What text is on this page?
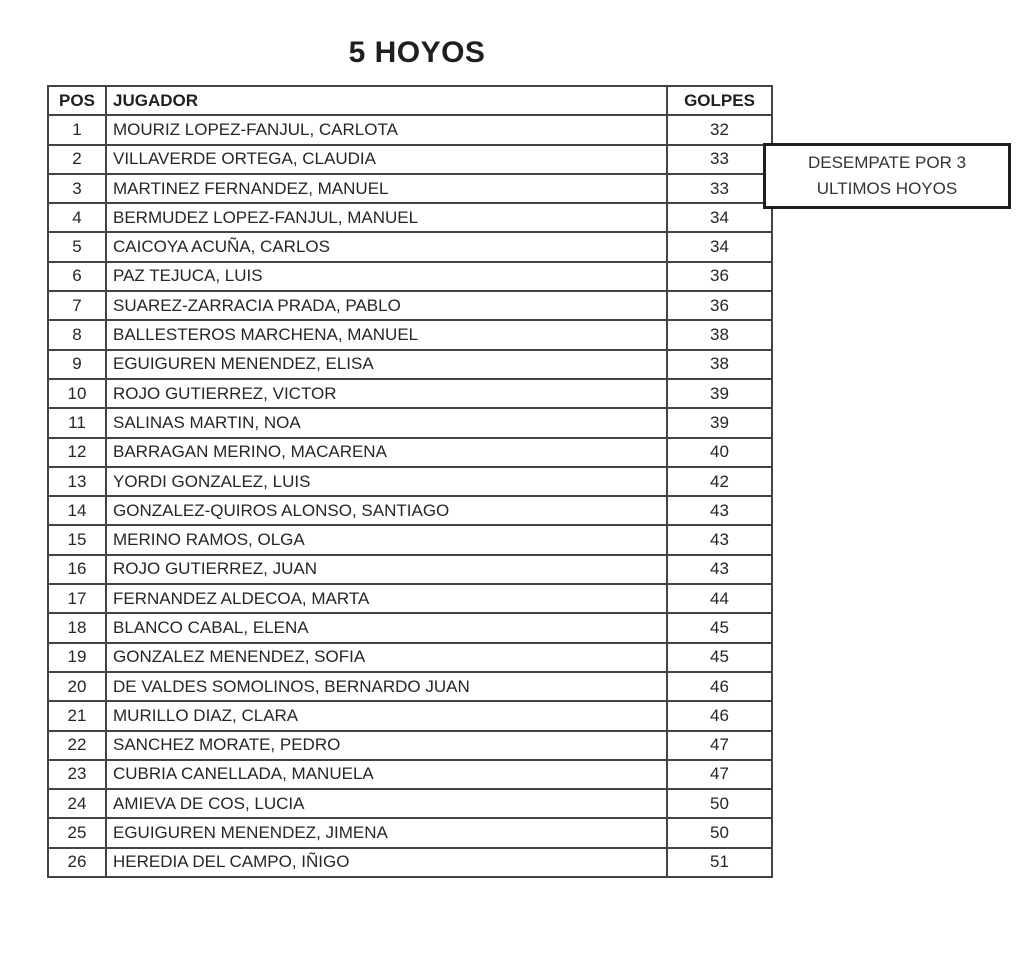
5 HOYOS
POS	JUGADOR	GOLPES
1	MOURIZ LOPEZ-FANJUL, CARLOTA	32
2	VILLAVERDE ORTEGA, CLAUDIA	33
3	MARTINEZ FERNANDEZ, MANUEL	33
4	BERMUDEZ LOPEZ-FANJUL, MANUEL	34
5	CAICOYA ACUÑA, CARLOS	34
6	PAZ TEJUCA, LUIS	36
7	SUAREZ-ZARRACIA PRADA, PABLO	36
8	BALLESTEROS MARCHENA, MANUEL	38
9	EGUIGUREN MENENDEZ, ELISA	38
10	ROJO GUTIERREZ, VICTOR	39
11	SALINAS MARTIN, NOA	39
12	BARRAGAN MERINO, MACARENA	40
13	YORDI GONZALEZ, LUIS	42
14	GONZALEZ-QUIROS ALONSO, SANTIAGO	43
15	MERINO RAMOS, OLGA	43
16	ROJO GUTIERREZ, JUAN	43
17	FERNANDEZ ALDECOA, MARTA	44
18	BLANCO CABAL, ELENA	45
19	GONZALEZ MENENDEZ, SOFIA	45
20	DE VALDES SOMOLINOS, BERNARDO JUAN	46
21	MURILLO DIAZ, CLARA	46
22	SANCHEZ MORATE, PEDRO	47
23	CUBRIA CANELLADA, MANUELA	47
24	AMIEVA DE COS, LUCIA	50
25	EGUIGUREN MENENDEZ, JIMENA	50
26	HEREDIA DEL CAMPO, IÑIGO	51
DESEMPATE POR 3
ULTIMOS HOYOS
